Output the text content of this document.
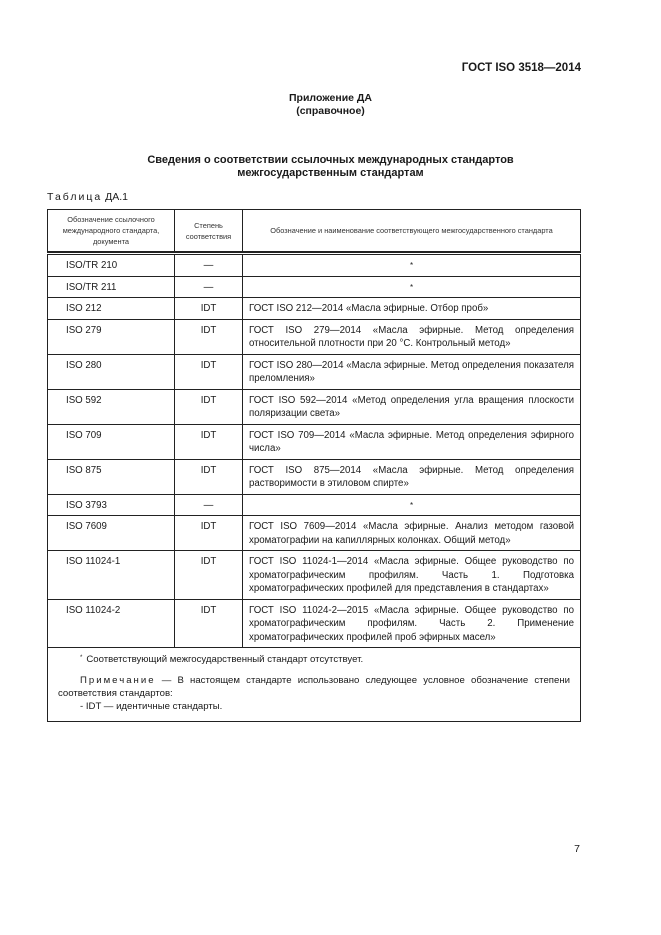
ГОСТ ISO 3518—2014
Приложение ДА
(справочное)
Сведения о соответствии ссылочных международных стандартов
межгосударственным стандартам
Таблица ДА.1
Обозначение ссылочного международного стандарта, документа	Степень соответствия	Обозначение и наименование соответствующего межгосударственного стандарта

ISO/TR 210	—	*

ISO/TR 211	—	*

ISO 212	IDT	ГОСТ ISO 212—2014 «Масла эфирные. Отбор проб»
ISO 279	IDT	ГОСТ ISO 279—2014 «Масла эфирные. Метод определения относительной плотности при 20 °С. Контрольный метод»
ISO 280	IDT	ГОСТ ISO 280—2014 «Масла эфирные. Метод определения показателя преломления»
ISO 592	IDT	ГОСТ ISO 592—2014 «Метод определения угла вращения плоскости поляризации света»
ISO 709	IDT	ГОСТ ISO 709—2014 «Масла эфирные. Метод определения эфирного числа»
ISO 875	IDT	ГОСТ ISO 875—2014 «Масла эфирные. Метод определения растворимости в этиловом спирте»
ISO 3793	—	*

ISO 7609	IDT	ГОСТ ISO 7609—2014 «Масла эфирные. Анализ методом газовой хроматографии на капиллярных колонках. Общий метод»
ISO 11024-1	IDT	ГОСТ ISO 11024-1—2014 «Масла эфирные. Общее руководство по хроматографическим профилям. Часть 1. Подготовка хроматографических профилей для представления в стандартах»
ISO 11024-2	IDT	ГОСТ ISO 11024-2—2015 «Масла эфирные. Общее руководство по хроматографическим профилям. Часть 2. Применение хроматографических профилей проб эфирных масел»

* Соответствующий межгосударственный стандарт отсутствует.

Примечание — В настоящем стандарте использовано следующее условное обозначение степени соответствия стандартов:

- IDT — идентичные стандарты.		

7
